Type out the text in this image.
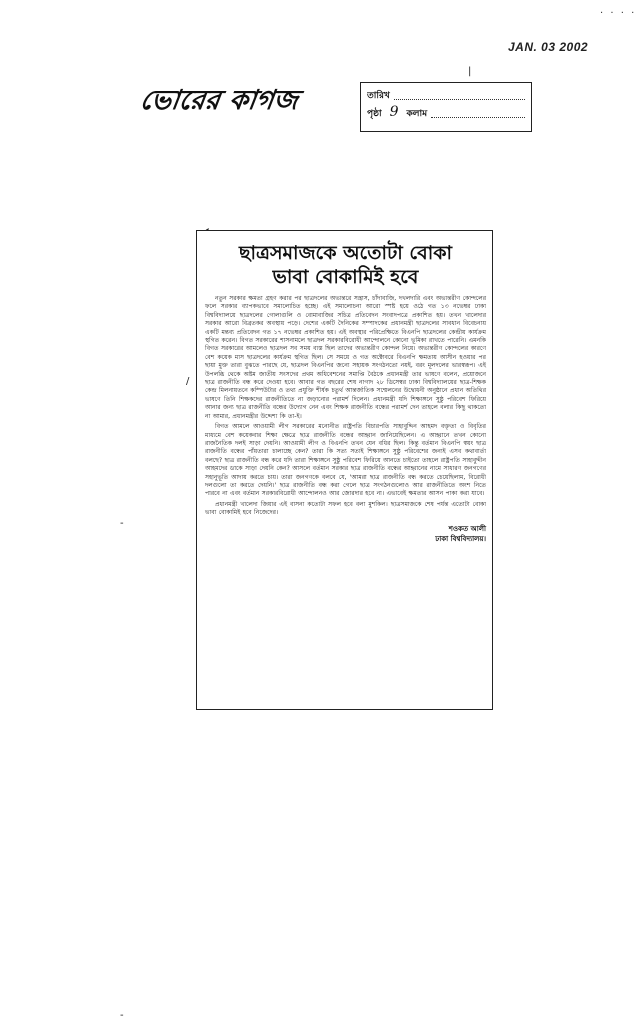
· · · ·
JAN. 03 2002
ভোরের কাগজ	তারিখ
পৃষ্ঠা 9 কলাম
ছাত্রসমাজকে অতোটা বোকা
ভাবা বোকামিই হবে

নতুন সরকার ক্ষমতা গ্রহণ করার পর ছাত্রদলের অভ্যন্তরে সন্ত্রাস, চাঁদাবাজি, দখলদারি এবং অভ্যন্তরীণ কোন্দলের ফলে সরকার ব্যাপকভাবে সমালোচিত হচ্ছে। এই সমালোচনা আরো স্পষ্ট হয়ে ওঠে গত ১৩ নভেম্বর ঢাকা বিশ্ববিদ্যালয়ে ছাত্রদলের গোলাগুলি ও বোমাবাজির সচিত্র প্রতিবেদন সংবাদপত্রে প্রকাশিত হয়। তখন খালেদার সরকার আরো বিব্রতকর অবস্থায় পড়ে। দেশের একটি দৈনিকের সম্পাদকের প্রধানমন্ত্রী ছাত্রদলের সাবধান বিবেচনায় একটি মন্তব্য প্রতিবেদন গত ১৭ নভেম্বর প্রকাশিত হয়। এই অবস্থার পরিপ্রেক্ষিতে বিএনপি ছাত্রদলের কেন্দ্রীয় কার্যক্রম স্থগিত করেন। বিগত সরকারের শাসনামলে ছাত্রদল সরকারবিরোধী আন্দোলনে কোনো ভূমিকা রাখতে পারেনি। এমনকি বিগত সরকারের আমলেও ছাত্রদল সব সময় ব্যস্ত ছিল তাদের অভ্যন্তরীণ কোন্দল নিয়ে। অভ্যন্তরীণ কোন্দলের কারণে বেশ কয়েক মাস ছাত্রদলের কার্যক্রম স্থগিত ছিল। সে সময়ে ও গত অক্টোবরে বিএনপি ক্ষমতায় আসীন হওয়ার পর ছায়া মুক্ত তারা বুঝতে পারছে যে, ছাত্রদল বিএনপির জন্যে সহায়ক সংগঠনতো নয়ই, বরং মূলদলের ভারস্বরূপ। এই উপলব্ধি থেকে অষ্টম জাতীয় সংসদের প্রথম অধিবেশনের সমাপ্তি বৈঠকে প্রধানমন্ত্রী তার ভাষণে বলেন, প্রয়োজনে ছাত্র রাজনীতি বন্ধ করে দেওয়া হবে। আবার গত বছরের শেষ নাগাদ ২৮ ডিসেম্বর ঢাকা বিশ্ববিদ্যালয়ের ছাত্র-শিক্ষক কেন্দ্র মিলনায়তনে কম্পিউটার ও তথ্য প্রযুক্তি শীর্ষক চতুর্থ আন্তর্জাতিক সম্মেলনের উদ্বোধনী অনুষ্ঠানে প্রধান অতিথির ভাষণে তিনি শিক্ষকদের রাজনীতিতে না জড়ানোর পরামর্শ দিলেন। প্রধানমন্ত্রী যদি শিক্ষাঙ্গনে সুষ্ঠু পরিবেশ ফিরিয়ে আনার জন্য ছাত্র রাজনীতি বন্ধের উদ্যোগ নেন এবং শিক্ষক রাজনীতি বন্ধের পরামর্শ দেন তাহলে বলার কিছু থাকতো না আমার, প্রধানমন্ত্রীর উদ্দেশ্য কি তা-ই।

বিগত আমলে আওয়ামী লীগ সরকারের মনোনীত রাষ্ট্রপতি বিচারপতি সাহাবুদ্দিন আহমদ বক্তৃতা ও বিবৃতির মাধ্যমে বেশ কয়েকবার শিক্ষা ক্ষেত্রে ছাত্র রাজনীতি বন্ধের আহ্বান জানিয়েছিলেন। এ আহ্বানে তখন কোনো রাজনৈতিক দলই সাড়া দেয়নি। আওয়ামী লীগ ও বিএনপি তখন যেন বধির ছিল। কিন্তু বর্তমান বিএনপি স্বয়ং ছাত্র রাজনীতি বন্ধের পাঁয়তারা চালাচ্ছে কেন? তারা কি সত্য সত্যই শিক্ষাঙ্গনে সুষ্ঠু পরিবেশের জন্যই এসব কথাবার্তা বলছে? ছাত্র রাজনীতি বন্ধ করে যদি তারা শিক্ষাঙ্গনে সুষ্ঠু পরিবেশ ফিরিয়ে আনতে চাইতো তাহলে রাষ্ট্রপতি সাহাবুদ্দীন আহমদের ডাকে সাড়া দেয়নি কেন? আসলে বর্তমান সরকার ছাত্র রাজনীতি বন্ধের আহ্বানের নামে সাধারণ জনগণের সহানুভূতি আদায় করতে চায়। তারা জনগণকে বলবে যে, 'আমরা ছাত্র রাজনীতি বন্ধ করতে চেয়েছিলাম, বিরোধী দলগুলো তা করতে দেয়নি।' ছাত্র রাজনীতি বন্ধ করা গেলে ছাত্র সংগঠনগুলোও আর রাজনীতিতে অংশ নিতে পারবে না এবং বর্তমান সরকারবিরোধী আন্দোলনও আর জোরদার হবে না। এভাবেই ক্ষমতার আসন পাকা করা যাবে।

প্রধানমন্ত্রী খালেদা জিয়ার এই বাসনা কতোটা সফল হবে বলা মুশকিল। ছাত্রসমাজকে শেষ পর্যন্ত এতোটা বোকা ভাবা বোকামিই হবে নিজেদের।

শওকত আলী
ঢাকা বিশ্ববিদ্যালয়।
|
-
-
/
